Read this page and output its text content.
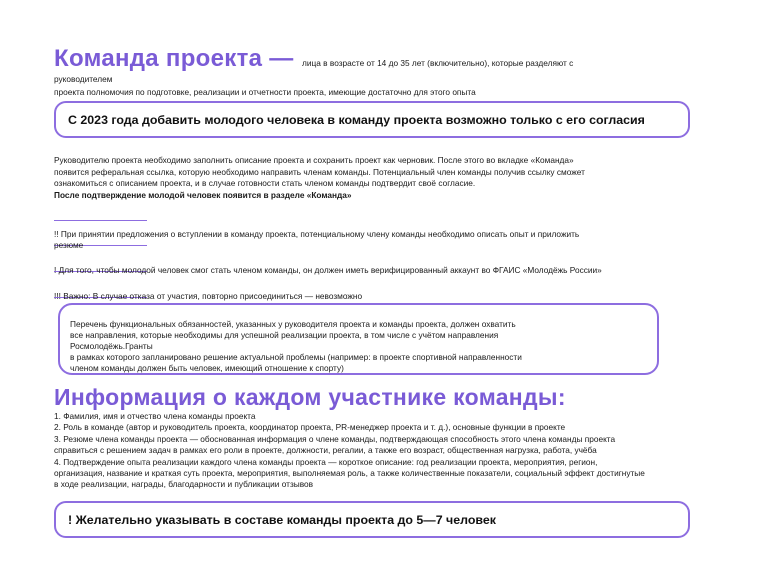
Команда проекта — лица в возрасте от 14 до 35 лет (включительно), которые разделяют с
руководителем
проекта полномочия по подготовке, реализации и отчетности проекта, имеющие достаточно для этого опыта
С 2023 года добавить молодого человека в команду проекта возможно только с его согласия
Руководителю проекта необходимо заполнить описание проекта и сохранить проект как черновик. После этого во вкладке «Команда»
появится реферальная ссылка, которую необходимо направить членам команды. Потенциальный член команды получив ссылку сможет
ознакомиться с описанием проекта, и в случае готовности стать членом команды подтвердит своё согласие.
После подтверждение молодой человек появится в разделе «Команда»
!! При принятии предложения о вступлении в команду проекта, потенциальному члену команды необходимо описать опыт и приложить
резюме
! Для того, чтобы молодой человек смог стать членом команды, он должен иметь верифицированный аккаунт во ФГАИС «Молодёжь России»
!!! Важно: В случае отказа от участия, повторно присоединиться — невозможно
Перечень функциональных обязанностей, указанных у руководителя проекта и команды проекта, должен охватить
все направления, которые необходимы для успешной реализации проекта, в том числе с учётом направления
Росмолодёжь.Гранты
в рамках которого запланировано решение актуальной проблемы (например: в проекте спортивной направленности
членом команды должен быть человек, имеющий отношение к спорту)
Информация о каждом участнике команды:
1. Фамилия, имя и отчество члена команды проекта
2. Роль в команде (автор и руководитель проекта, координатор проекта, PR-менеджер проекта и т. д.), основные функции в проекте
3. Резюме члена команды проекта — обоснованная информация о члене команды, подтверждающая способность этого члена команды проекта
справиться с решением задач в рамках его роли в проекте, должности, регалии, а также его возраст, общественная нагрузка, работа, учёба
4. Подтверждение опыта реализации каждого члена команды проекта — короткое описание: год реализации проекта, мероприятия, регион,
организация, название и краткая суть проекта, мероприятия, выполняемая роль, а также количественные показатели, социальный эффект достигнутые
в ходе реализации, награды, благодарности и публикации отзывов
! Желательно указывать в составе команды проекта до 5—7 человек
